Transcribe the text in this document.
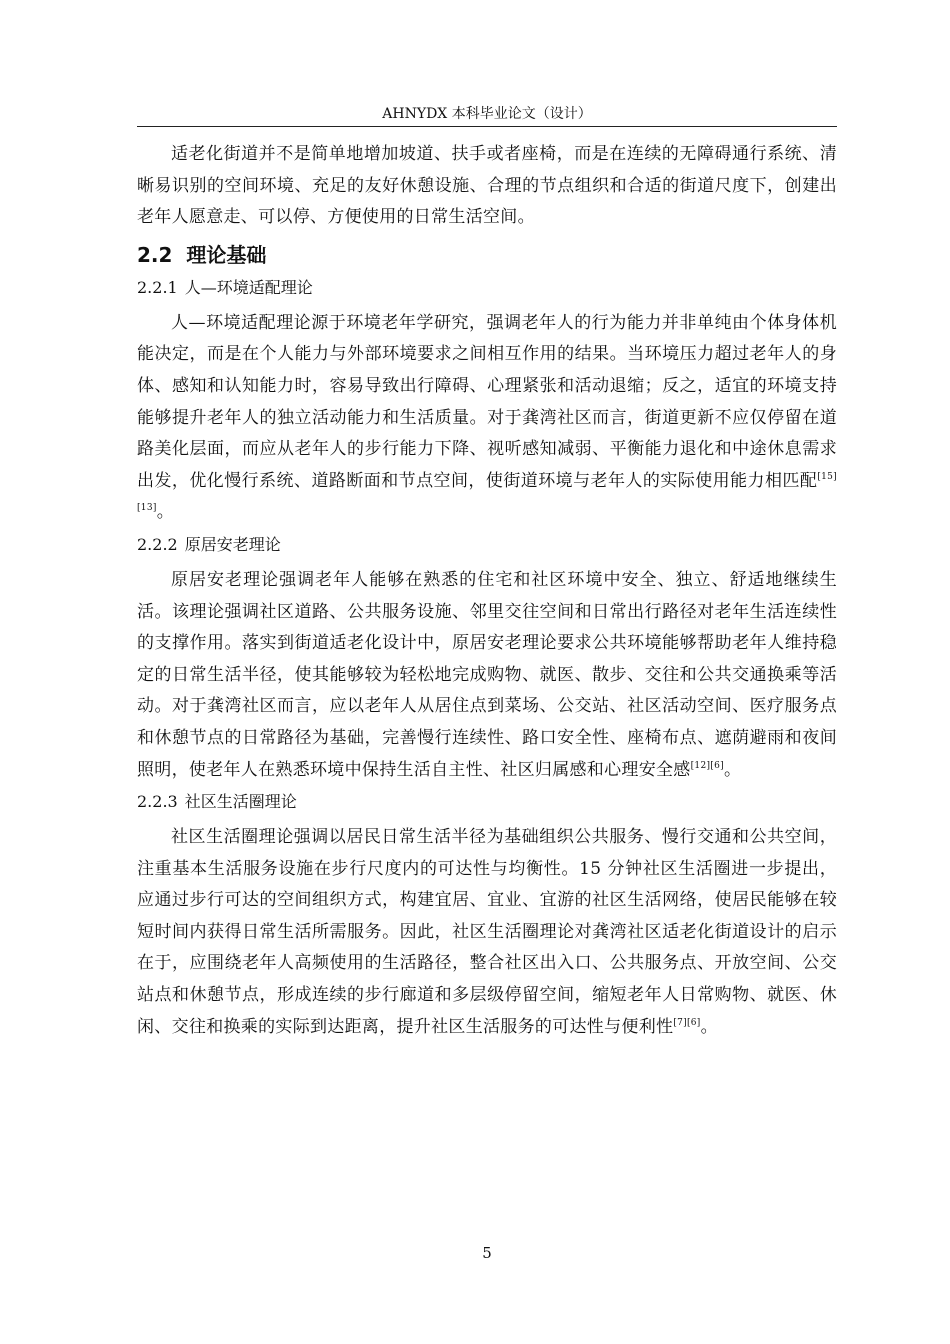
AHNYDX 本科毕业论文（设计）

适老化街道并不是简单地增加坡道、扶手或者座椅，而是在连续的无障碍通行系统、清晰易识别的空间环境、充足的友好休憩设施、合理的节点组织和合适的街道尺度下，创建出老年人愿意走、可以停、方便使用的日常生活空间。

2.2 理论基础
2.2.1 人—环境适配理论

人—环境适配理论源于环境老年学研究，强调老年人的行为能力并非单纯由个体身体机能决定，而是在个人能力与外部环境要求之间相互作用的结果。当环境压力超过老年人的身体、感知和认知能力时，容易导致出行障碍、心理紧张和活动退缩；反之，适宜的环境支持能够提升老年人的独立活动能力和生活质量。对于龚湾社区而言，街道更新不应仅停留在道路美化层面，而应从老年人的步行能力下降、视听感知减弱、平衡能力退化和中途休息需求出发，优化慢行系统、道路断面和节点空间，使街道环境与老年人的实际使用能力相匹配[15][13]。

2.2.2 原居安老理论

原居安老理论强调老年人能够在熟悉的住宅和社区环境中安全、独立、舒适地继续生活。该理论强调社区道路、公共服务设施、邻里交往空间和日常出行路径对老年生活连续性的支撑作用。落实到街道适老化设计中，原居安老理论要求公共环境能够帮助老年人维持稳定的日常生活半径，使其能够较为轻松地完成购物、就医、散步、交往和公共交通换乘等活动。对于龚湾社区而言，应以老年人从居住点到菜场、公交站、社区活动空间、医疗服务点和休憩节点的日常路径为基础，完善慢行连续性、路口安全性、座椅布点、遮荫避雨和夜间照明，使老年人在熟悉环境中保持生活自主性、社区归属感和心理安全感[12][6]。

2.2.3 社区生活圈理论

社区生活圈理论强调以居民日常生活半径为基础组织公共服务、慢行交通和公共空间，注重基本生活服务设施在步行尺度内的可达性与均衡性。15 分钟社区生活圈进一步提出，应通过步行可达的空间组织方式，构建宜居、宜业、宜游的社区生活网络，使居民能够在较短时间内获得日常生活所需服务。因此，社区生活圈理论对龚湾社区适老化街道设计的启示在于，应围绕老年人高频使用的生活路径，整合社区出入口、公共服务点、开放空间、公交站点和休憩节点，形成连续的步行廊道和多层级停留空间，缩短老年人日常购物、就医、休闲、交往和换乘的实际到达距离，提升社区生活服务的可达性与便利性[7][6]。

5
